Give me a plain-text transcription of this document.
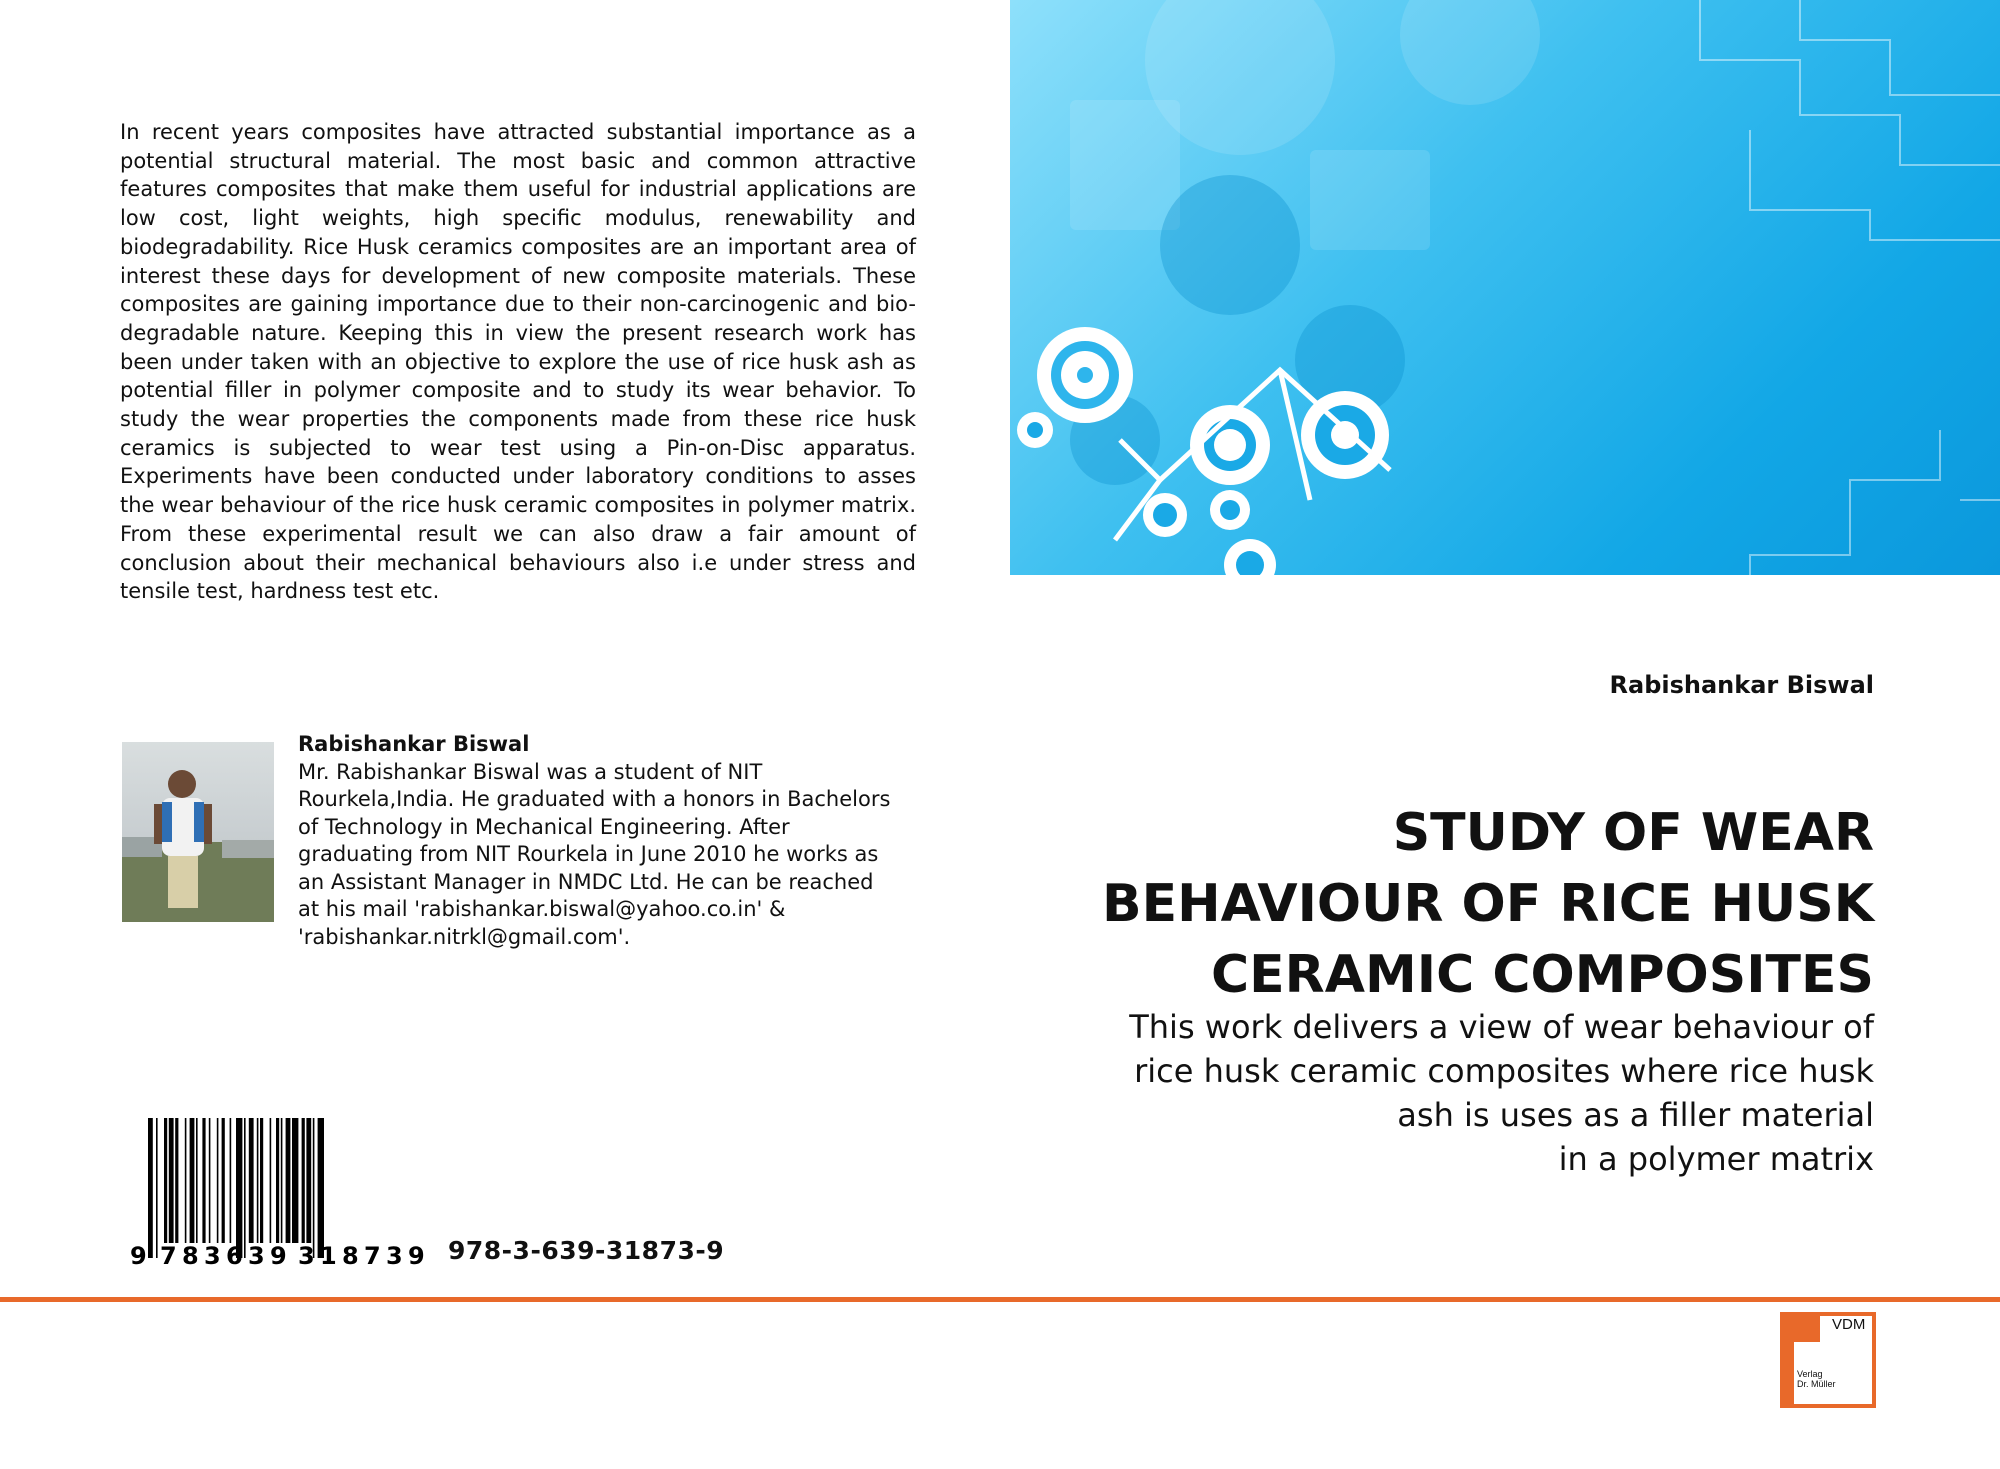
In recent years composites have attracted substantial importance as a potential structural material. The most basic and common attractive features composites that make them useful for industrial applications are low cost, light weights, high specific modulus, renewability and biodegradability. Rice Husk ceramics composites are an important area of interest these days for development of new composite materials. These composites are gaining importance due to their non-carcinogenic and bio-degradable nature. Keeping this in view the present research work has been under taken with an objective to explore the use of rice husk ash as potential filler in polymer composite and to study its wear behavior. To study the wear properties the components made from these rice husk ceramics is subjected to wear test using a Pin-on-Disc apparatus. Experiments have been conducted under laboratory conditions to asses the wear behaviour of the rice husk ceramic composites in polymer matrix. From these experimental result we can also draw a fair amount of conclusion about their mechanical behaviours also i.e under stress and tensile test, hardness test etc.

Rabishankar Biswal
Mr. Rabishankar Biswal was a student of NIT Rourkela,India. He graduated with a honors in Bachelors of Technology in Mechanical Engineering. After graduating from NIT Rourkela in June 2010 he works as an Assistant Manager in NMDC Ltd. He can be reached at his mail 'rabishankar.biswal@yahoo.co.in' & 'rabishankar.nitrkl@gmail.com'.
9 7 8 3 6 3 9 3 1 8 7 3 9 978-3-639-31873-9

Rabishankar Biswal

STUDY OF WEAR
BEHAVIOUR OF RICE HUSK
CERAMIC COMPOSITES

This work delivers a view of wear behaviour of
rice husk ceramic composites where rice husk
ash is uses as a filler material
in a polymer matrix

VDM
Verlag
Dr. Müller
